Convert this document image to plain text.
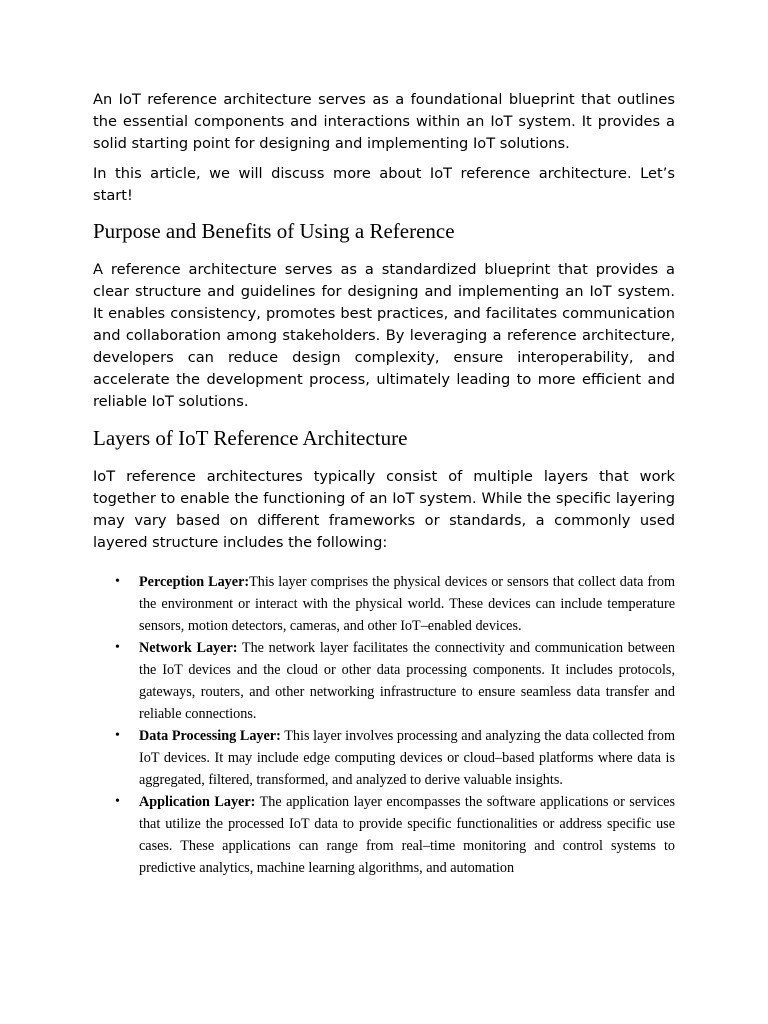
An IoT reference architecture serves as a foundational blueprint that outlines the essential components and interactions within an IoT system. It provides a solid starting point for designing and implementing IoT solutions.

In this article, we will discuss more about IoT reference architecture. Let’s start!

Purpose and Benefits of Using a Reference

A reference architecture serves as a standardized blueprint that provides a clear structure and guidelines for designing and implementing an IoT system. It enables consistency, promotes best practices, and facilitates communication and collaboration among stakeholders. By leveraging a reference architecture, developers can reduce design complexity, ensure interoperability, and accelerate the development process, ultimately leading to more efficient and reliable IoT solutions.

Layers of IoT Reference Architecture

IoT reference architectures typically consist of multiple layers that work together to enable the functioning of an IoT system. While the specific layering may vary based on different frameworks or standards, a commonly used layered structure includes the following:

• Perception Layer:This layer comprises the physical devices or sensors that collect data from the environment or interact with the physical world. These devices can include temperature sensors, motion detectors, cameras, and other IoT‒enabled devices.
• Network Layer: The network layer facilitates the connectivity and communication between the IoT devices and the cloud or other data processing components. It includes protocols, gateways, routers, and other networking infrastructure to ensure seamless data transfer and reliable connections.
• Data Processing Layer: This layer involves processing and analyzing the data collected from IoT devices. It may include edge computing devices or cloud‒based platforms where data is aggregated, filtered, transformed, and analyzed to derive valuable insights.
• Application Layer: The application layer encompasses the software applications or services that utilize the processed IoT data to provide specific functionalities or address specific use cases. These applications can range from real‒time monitoring and control systems to predictive analytics, machine learning algorithms, and automation
